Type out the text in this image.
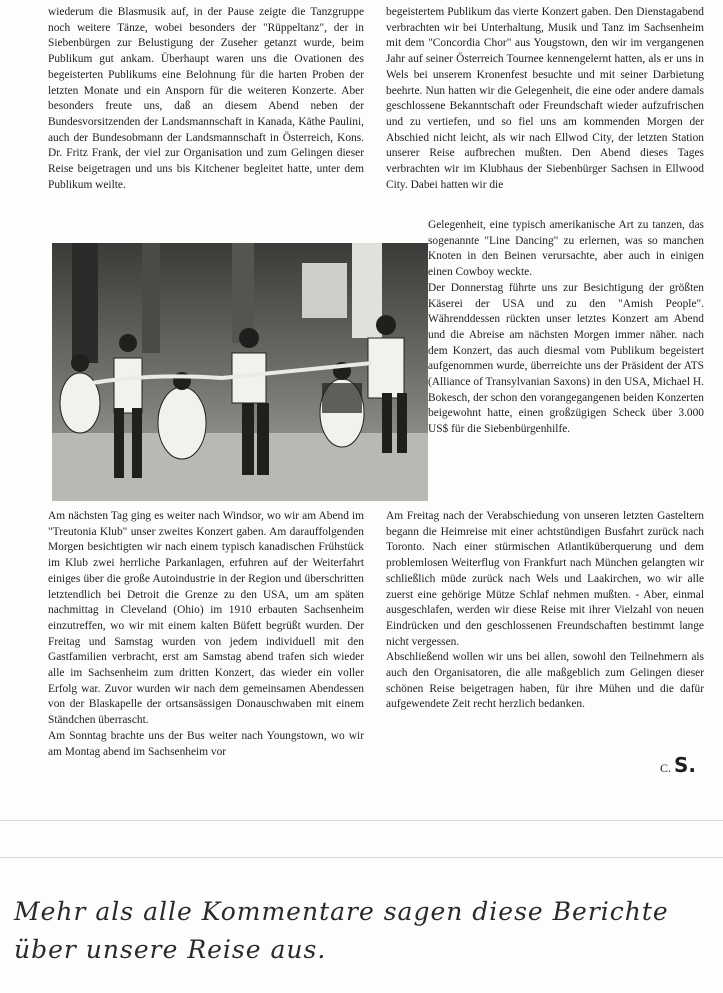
wiederum die Blasmusik auf, in der Pause zeigte die Tanzgruppe noch weitere Tänze, wobei besonders der "Rüppeltanz", der in Siebenbürgen zur Belustigung der Zuseher getanzt wurde, beim Publikum gut ankam. Überhaupt waren uns die Ovationen des begeisterten Publikums eine Belohnung für die harten Proben der letzten Monate und ein Ansporn für die weiteren Konzerte. Aber besonders freute uns, daß an diesem Abend neben der Bundesvorsitzenden der Landsmannschaft in Kanada, Käthe Paulini, auch der Bundesobmann der Landsmannschaft in Österreich, Kons. Dr. Fritz Frank, der viel zur Organisation und zum Gelingen dieser Reise beigetragen und uns bis Kitchener begleitet hatte, unter dem Publikum weilte.

Am nächsten Tag ging es weiter nach Windsor, wo wir am Abend im "Treutonia Klub" unser zweites Konzert gaben. Am darauffolgenden Morgen besichtigten wir nach einem typisch kanadischen Frühstück im Klub zwei herrliche Parkanlagen, erfuhren auf der Weiterfahrt einiges über die große Autoindustrie in der Region und überschritten letztendlich bei Detroit die Grenze zu den USA, um am späten nachmittag in Cleveland (Ohio) im 1910 erbauten Sachsenheim einzutreffen, wo wir mit einem kalten Büfett begrüßt wurden. Der Freitag und Samstag wurden von jedem individuell mit den Gastfamilien verbracht, erst am Samstag abend trafen sich wieder alle im Sachsenheim zum dritten Konzert, das wieder ein voller Erfolg war. Zuvor wurden wir nach dem gemeinsamen Abendessen von der Blaskapelle der ortsansässigen Donauschwaben mit einem Ständchen überrascht.

Am Sonntag brachte uns der Bus weiter nach Youngstown, wo wir am Montag abend im Sachsenheim vor

begeistertem Publikum das vierte Konzert gaben. Den Dienstagabend verbrachten wir bei Unterhaltung, Musik und Tanz im Sachsenheim mit dem "Concordia Chor" aus Yougstown, den wir im vergangenen Jahr auf seiner Österreich Tournee kennengelernt hatten, als er uns in Wels bei unserem Kronenfest besuchte und mit seiner Darbietung beehrte. Nun hatten wir die Gelegenheit, die eine oder andere damals geschlossene Bekanntschaft oder Freundschaft wieder aufzufrischen und zu vertiefen, und so fiel uns am kommenden Morgen der Abschied nicht leicht, als wir nach Ellwod City, der letzten Station unserer Reise aufbrechen mußten. Den Abend dieses Tages verbrachten wir im Klubhaus der Siebenbürger Sachsen in Ellwood City. Dabei hatten wir die

Gelegenheit, eine typisch amerikanische Art zu tanzen, das sogenannte "Line Dancing" zu erlernen, was so manchen Knoten in den Beinen verursachte, aber auch in einigen einen Cowboy weckte.

Der Donnerstag führte uns zur Besichtigung der größten Käserei der USA und zu den "Amish People". Währenddessen rückten unser letztes Konzert am Abend und die Abreise am nächsten Morgen immer näher. nach dem Konzert, das auch diesmal vom Publikum begeistert aufgenommen wurde, überreichte uns der Präsident der ATS (Alliance of Transylvanian Saxons) in den USA, Michael H. Bokesch, der schon den vorangegangenen beiden Konzerten beigewohnt hatte, einen großzügigen Scheck über 3.000 US$ für die Siebenbürgenhilfe.

Am Freitag nach der Verabschiedung von unseren letzten Gasteltern begann die Heimreise mit einer achtstündigen Busfahrt zurück nach Toronto. Nach einer stürmischen Atlantiküberquerung und dem problemlosen Weiterflug von Frankfurt nach München gelangten wir schließlich müde zurück nach Wels und Laakirchen, wo wir alle zuerst eine gehörige Mütze Schlaf nehmen mußten. - Aber, einmal ausgeschlafen, werden wir diese Reise mit ihrer Vielzahl von neuen Eindrücken und den geschlossenen Freundschaften bestimmt lange nicht vergessen.

Abschließend wollen wir uns bei allen, sowohl den Teilnehmern als auch den Organisatoren, die alle maßgeblich zum Gelingen dieser schönen Reise beigetragen haben, für ihre Mühen und die dafür aufgewendete Zeit recht herzlich bedanken.

C. S.

Mehr als alle Kommentare sagen diese Berichte

über unsere Reise aus.
